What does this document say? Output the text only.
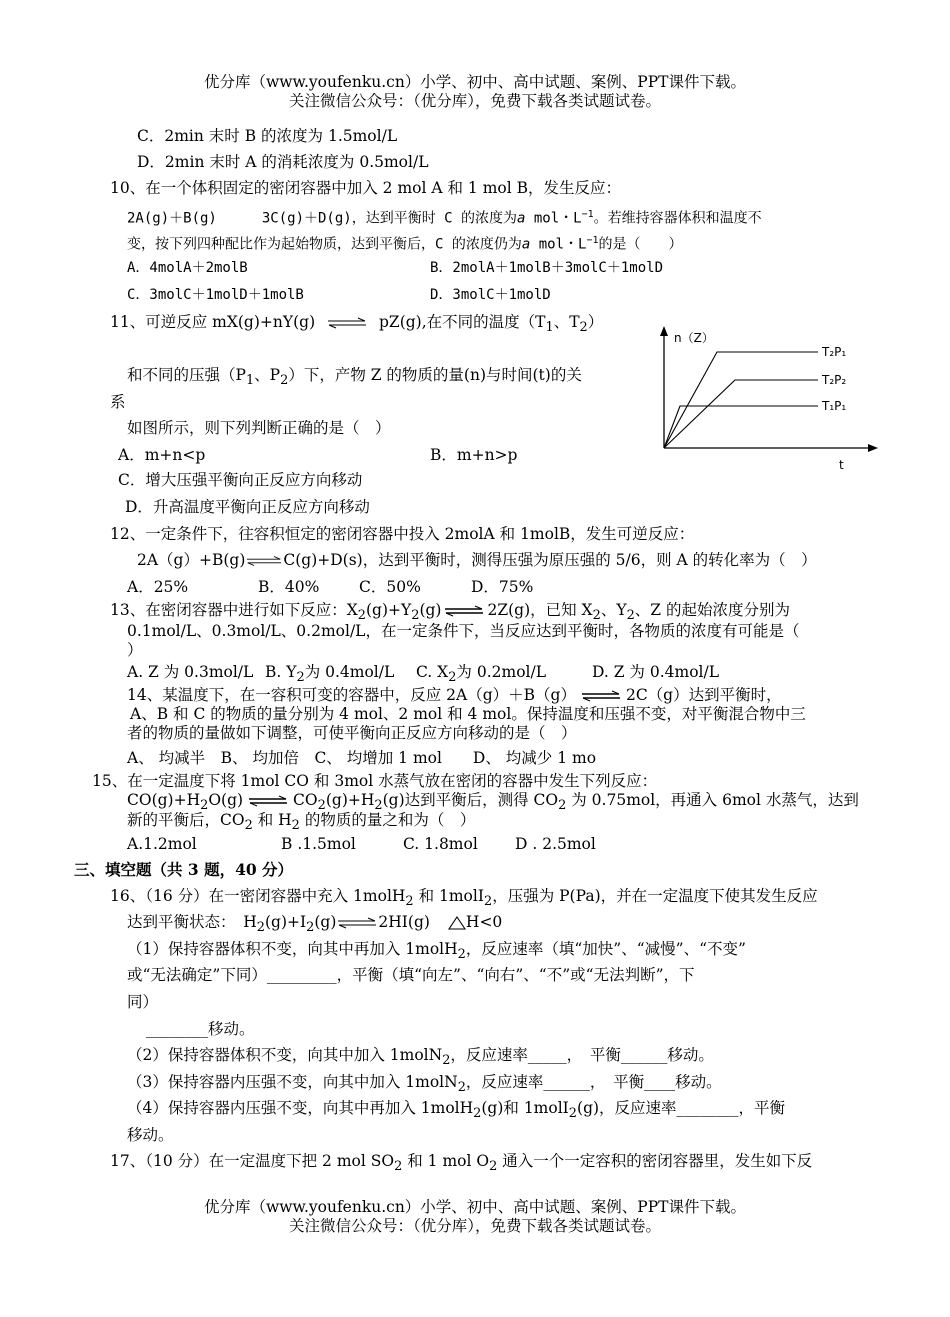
优分库（www.youfenku.cn）小学、初中、高中试题、案例、PPT课件下载。
关注微信公众号：（优分库），免费下载各类试题试卷。
C．2min 末时 B 的浓度为 1.5mol/L
D．2min 末时 A 的消耗浓度为 0.5mol/L
10、在一个体积固定的密闭容器中加入 2 mol A 和 1 mol B，发生反应：
2A(g)＋B(g)	3C(g)＋D(g)，达到平衡时 C 的浓度为a mol・$L^{-1}$。若维持容器体积和温度不
变，按下列四种配比作为起始物质，达到平衡后，C 的浓度仍为a mol・$L^{-1}$的是（　　）
A．4molA＋2molB	B．2molA＋1molB＋3molC＋1molD
C．3molC＋1molD＋1molB	D．3molC＋1molD
11、可逆反应 mX(g)+nY(g) ⇌ pZ(g),在不同的温度（$T_1$、$T_2$）
和不同的压强（$P_1$、$P_2$）下，产物 Z 的物质的量(n)与时间(t)的关
系
如图所示，则下列判断正确的是（　）
A．m+n<p	B．m+n>p
C．增大压强平衡向正反应方向移动
D．升高温度平衡向正反应方向移动
n（Z）
t
T₂P₁
T₂P₂
T₁P₁
12、一定条件下，往容积恒定的密闭容器中投入 2molA 和 1molB，发生可逆反应：
2A（g）+B(g)⇌C(g)+D(s)，达到平衡时，测得压强为原压强的 5/6，则 A 的转化率为（　）
A．25%	B．40%	C．50%	D．75%
13、在密闭容器中进行如下反应：$X_2(g)+Y_2(g)\rightleftharpoons 2Z(g)$，已知 $X_2$、$Y_2$、Z 的起始浓度分别为
0.1mol/L、0.3mol/L、0.2mol/L，在一定条件下，当反应达到平衡时，各物质的浓度有可能是（
）
A. Z 为 0.3mol/L B. $Y_2$为 0.4mol/L C. $X_2$为 0.2mol/L	D. Z 为 0.4mol/L
14、某温度下，在一容积可变的容器中，反应 2A（g）＋B（g）⇌2C（g）达到平衡时，
A、B 和 C 的物质的量分别为 4 mol、2 mol 和 4 mol。保持温度和压强不变，对平衡混合物中三
者的物质的量做如下调整，可使平衡向正反应方向移动的是（　）
A、 均减半　B、 均加倍　C、 均增加 1 mol　　D、 均减少 1 mo
15、在一定温度下将 1mol CO 和 3mol 水蒸气放在密闭的容器中发生下列反应：
$CO(g)+H_2O(g)\rightleftharpoons CO_2(g)+H_2(g)$达到平衡后，测得 $CO_2$ 为 0.75mol，再通入 6mol 水蒸气，达到
新的平衡后，$CO_2$ 和 $H_2$ 的物质的量之和为（　）
A.1.2mol	B .1.5mol	C. 1.8mol D . 2.5mol
三、填空题（共 3 题，40 分）
16、（16 分）在一密闭容器中充入 1molH$_2$ 和 1molI$_2$，压强为 P(Pa)，并在一定温度下使其发生反应
达到平衡状态：　$H_2(g)+I_2(g)\rightleftharpoons 2HI(g)$ H<0
（1）保持容器体积不变，向其中再加入 1molH$_2$，反应速率（填“加快”、“减慢”、“不变”
或“无法确定”下同）_________，平衡（填“向左”、“向右”、“不”或“无法判断”，下
同）
________移动。
（2）保持容器体积不变，向其中加入 1molN$_2$，反应速率_____，　平衡______移动。
（3）保持容器内压强不变，向其中加入 1molN$_2$，反应速率______，　平衡____移动。
（4）保持容器内压强不变，向其中再加入 1molH$_2$(g)和 1molI$_2$(g)，反应速率________，平衡
移动。
17、（10 分）在一定温度下把 2 mol $SO_2$ 和 1 mol $O_2$ 通入一个一定容积的密闭容器里，发生如下反
优分库（www.youfenku.cn）小学、初中、高中试题、案例、PPT课件下载。
关注微信公众号：（优分库），免费下载各类试题试卷。
